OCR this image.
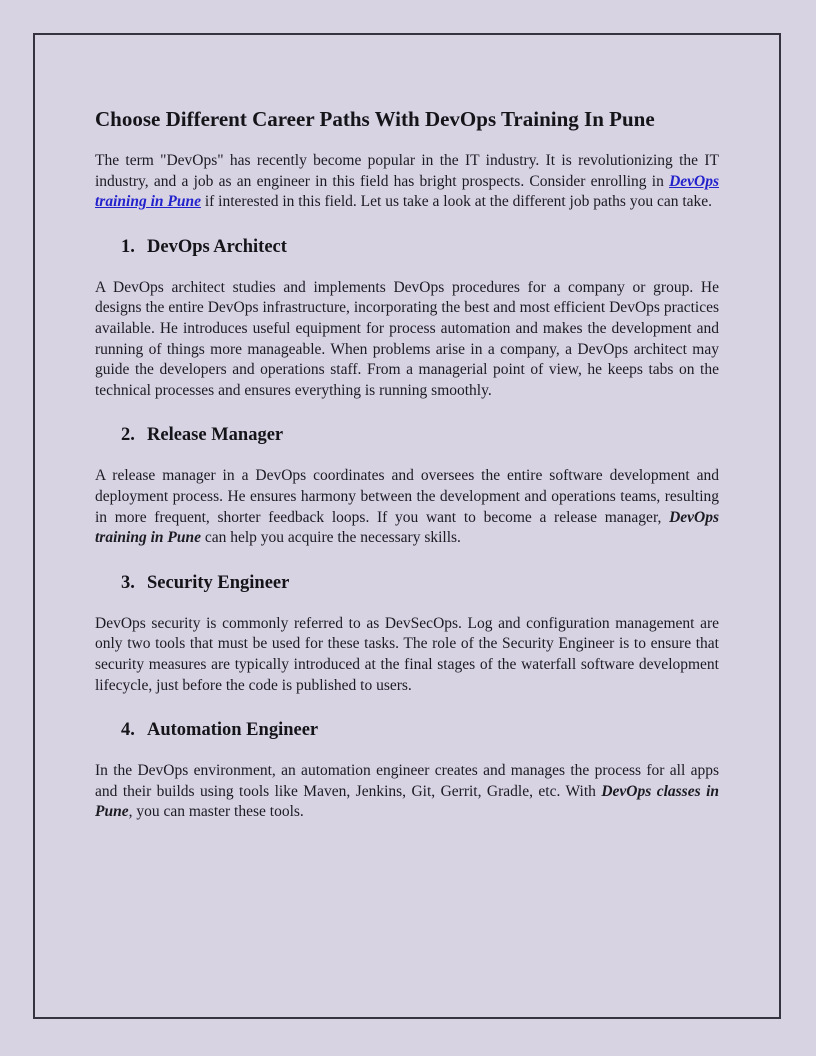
Choose Different Career Paths With DevOps Training In Pune

The term "DevOps" has recently become popular in the IT industry. It is revolutionizing the IT industry, and a job as an engineer in this field has bright prospects. Consider enrolling in DevOps training in Pune if interested in this field. Let us take a look at the different job paths you can take.

1. DevOps Architect

A DevOps architect studies and implements DevOps procedures for a company or group. He designs the entire DevOps infrastructure, incorporating the best and most efficient DevOps practices available. He introduces useful equipment for process automation and makes the development and running of things more manageable. When problems arise in a company, a DevOps architect may guide the developers and operations staff. From a managerial point of view, he keeps tabs on the technical processes and ensures everything is running smoothly.

2. Release Manager

A release manager in a DevOps coordinates and oversees the entire software development and deployment process. He ensures harmony between the development and operations teams, resulting in more frequent, shorter feedback loops. If you want to become a release manager, DevOps training in Pune can help you acquire the necessary skills.

3. Security Engineer

DevOps security is commonly referred to as DevSecOps. Log and configuration management are only two tools that must be used for these tasks. The role of the Security Engineer is to ensure that security measures are typically introduced at the final stages of the waterfall software development lifecycle, just before the code is published to users.

4. Automation Engineer

In the DevOps environment, an automation engineer creates and manages the process for all apps and their builds using tools like Maven, Jenkins, Git, Gerrit, Gradle, etc. With DevOps classes in Pune, you can master these tools.
